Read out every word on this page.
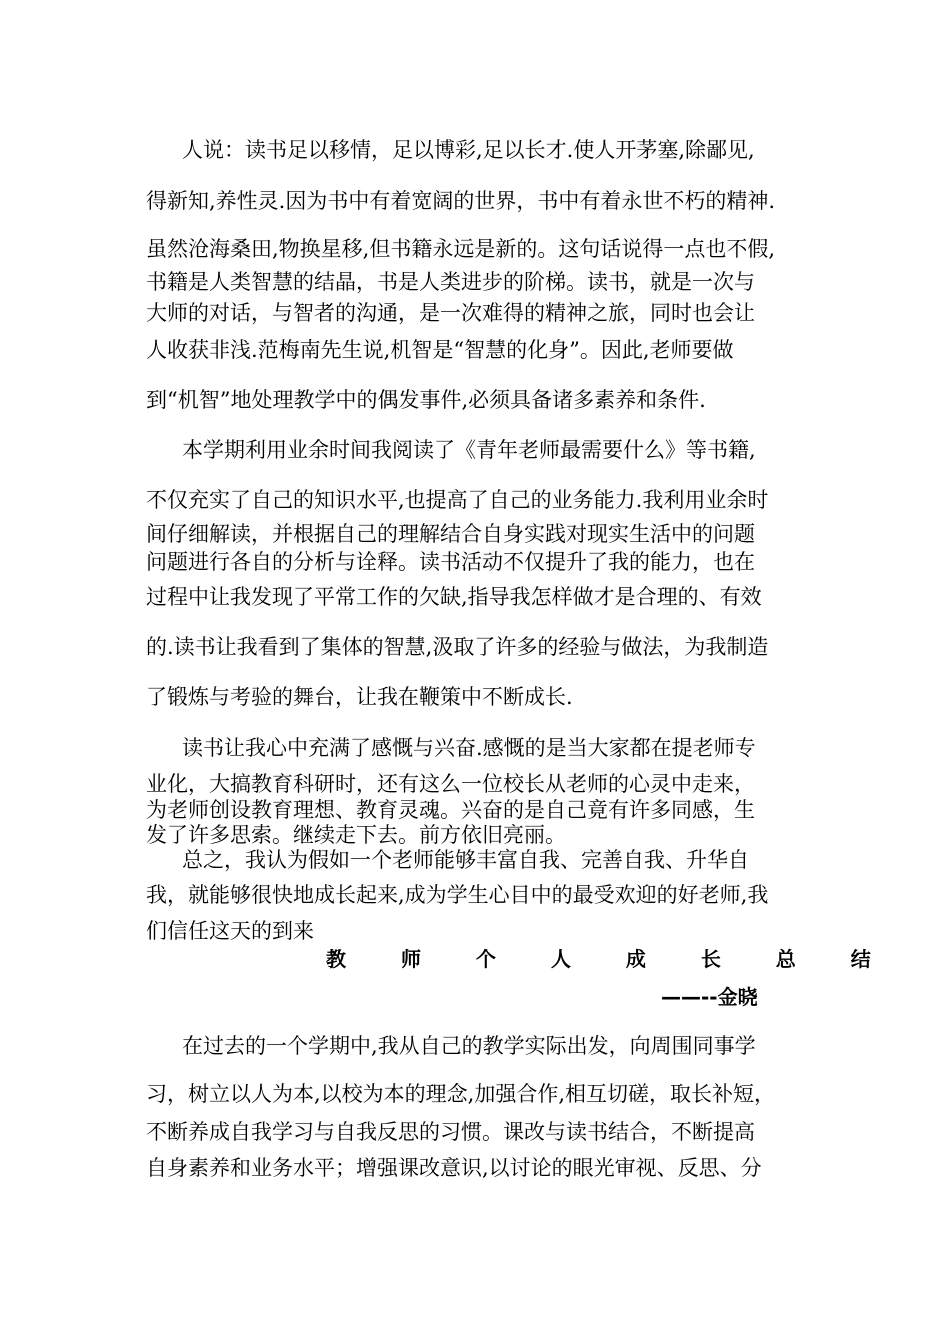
人说：读书足以移情，足以博彩,足以长才.使人开茅塞,除鄙见,

得新知,养性灵.因为书中有着宽阔的世界，书中有着永世不朽的精神.

虽然沧海桑田,物换星移,但书籍永远是新的。这句话说得一点也不假,

书籍是人类智慧的结晶，书是人类进步的阶梯。读书，就是一次与

大师的对话，与智者的沟通，是一次难得的精神之旅，同时也会让

人收获非浅.范梅南先生说,机智是“智慧的化身”。因此,老师要做

到“机智”地处理教学中的偶发事件,必须具备诸多素养和条件.

本学期利用业余时间我阅读了《青年老师最需要什么》等书籍,

不仅充实了自己的知识水平,也提高了自己的业务能力.我利用业余时

间仔细解读，并根据自己的理解结合自身实践对现实生活中的问题

问题进行各自的分析与诠释。读书活动不仅提升了我的能力，也在

过程中让我发现了平常工作的欠缺,指导我怎样做才是合理的、有效

的.读书让我看到了集体的智慧,汲取了许多的经验与做法，为我制造

了锻炼与考验的舞台，让我在鞭策中不断成长.

读书让我心中充满了感慨与兴奋.感慨的是当大家都在提老师专

业化，大搞教育科研时，还有这么一位校长从老师的心灵中走来，

为老师创设教育理想、教育灵魂。兴奋的是自己竟有许多同感，生

发了许多思索。继续走下去。前方依旧亮丽。

总之，我认为假如一个老师能够丰富自我、完善自我、升华自

我，就能够很快地成长起来,成为学生心目中的最受欢迎的好老师,我

们信任这天的到来

教 师 个 人 成 长 总 结

——--金晓

在过去的一个学期中,我从自己的教学实际出发，向周围同事学

习，树立以人为本,以校为本的理念,加强合作,相互切磋，取长补短，

不断养成自我学习与自我反思的习惯。课改与读书结合，不断提高

自身素养和业务水平；增强课改意识,以讨论的眼光审视、反思、分
